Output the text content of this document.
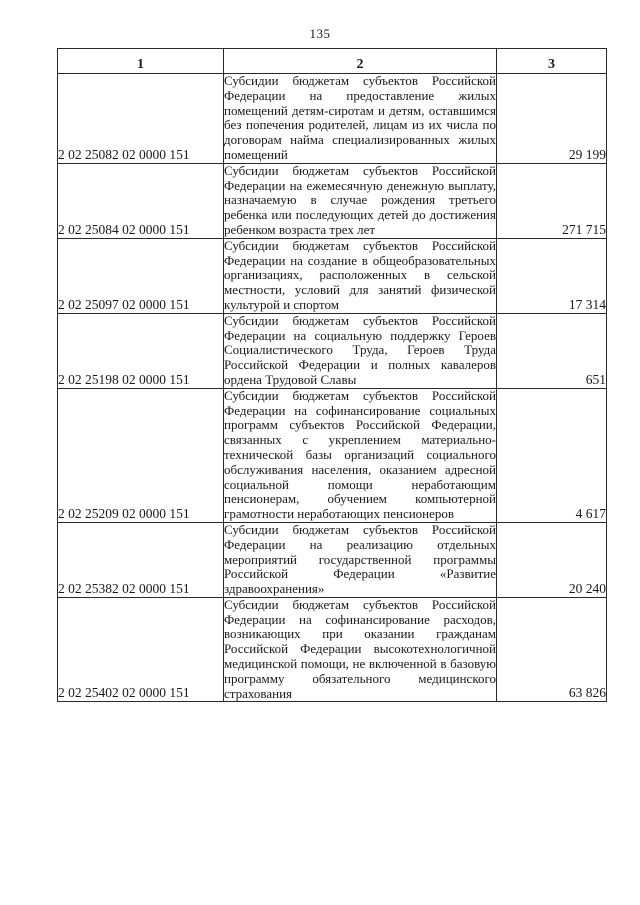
135
1	2	3
2 02 25082 02 0000 151	Субсидии бюджетам субъектов Российской Федерации на предоставление жилых помещений детям-сиротам и детям, оставшимся без попечения родителей, лицам из их числа по договорам найма специализированных жилых помещений	29 199
2 02 25084 02 0000 151	Субсидии бюджетам субъектов Российской Федерации на ежемесячную денежную выплату, назначаемую в случае рождения третьего ребенка или последующих детей до достижения ребенком возраста трех лет	271 715
2 02 25097 02 0000 151	Субсидии бюджетам субъектов Российской Федерации на создание в общеобразовательных организациях, расположенных в сельской местности, условий для занятий физической культурой и спортом	17 314
2 02 25198 02 0000 151	Субсидии бюджетам субъектов Российской Федерации на социальную поддержку Героев Социалистического Труда, Героев Труда Российской Федерации и полных кавалеров ордена Трудовой Славы	651
2 02 25209 02 0000 151	Субсидии бюджетам субъектов Российской Федерации на софинансирование социальных программ субъектов Российской Федерации, связанных с укреплением материально-технической базы организаций социального обслуживания населения, оказанием адресной социальной помощи неработающим пенсионерам, обучением компьютерной грамотности неработающих пенсионеров	4 617
2 02 25382 02 0000 151	Субсидии бюджетам субъектов Российской Федерации на реализацию отдельных мероприятий государственной программы Российской Федерации «Развитие здравоохранения»	20 240
2 02 25402 02 0000 151	Субсидии бюджетам субъектов Российской Федерации на софинансирование расходов, возникающих при оказании гражданам Российской Федерации высокотехнологичной медицинской помощи, не включенной в базовую программу обязательного медицинского страхования	63 826
